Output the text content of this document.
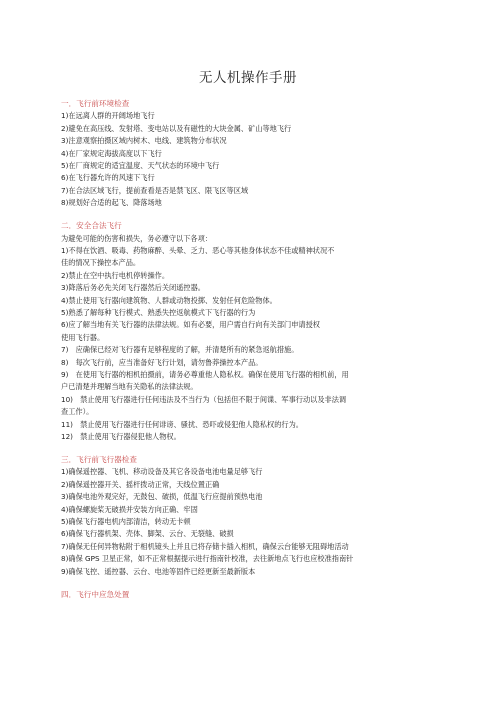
无人机操作手册
一．飞行前环境检查
1)在远离人群的开阔场地飞行
2)避免在高压线、发射塔、变电站以及有磁性的大块金属、矿山等地飞行
3)注意观察拍摄区域内树木、电线、建筑物分布状况
4)在厂家规定海拔高度以下飞行
5)在厂商规定的适宜温度、天气状态的环境中飞行
6)在飞行器允许的风速下飞行
7)在合法区域飞行，提前查看是否是禁飞区、限飞区等区域
8)规划好合适的起飞、降落场地
二．安全合法飞行
为避免可能的伤害和损失，务必遵守以下各项：
1)不得在饮酒、吸毒、药物麻醉、头晕、乏力、恶心等其他身体状态不佳或精神状况不
佳的情况下操控本产品。
2)禁止在空中执行电机停转操作。
3)降落后务必先关闭飞行器然后关闭遥控器。
4)禁止使用飞行器向建筑物、人群或动物投掷、发射任何危险物体。
5)熟悉了解每种飞行模式、熟悉失控返航模式下飞行器的行为
6)应了解当地有关飞行器的法律法规。如有必要，用户需自行向有关部门申请授权
使用飞行器。
7)　应确保已经对飞行器有足够程度的了解，并清楚所有的紧急返航措施。
8)　每次飞行前，应当准备好飞行计划，请勿鲁莽操控本产品。
9)　在使用飞行器的相机拍摄前，请务必尊重他人隐私权。确保在使用飞行器的相机前，用
户已清楚并理解当地有关隐私的法律法规。
10)　禁止使用飞行器进行任何违法及不当行为（包括但不限于间谍、军事行动以及非法调
查工作）。
11)　禁止使用飞行器进行任何诽谤、骚扰、恐吓或侵犯他人隐私权的行为。
12)　禁止使用飞行器侵犯他人物权。
三．飞行前飞行器检查
1)确保遥控器、飞机、移动设备及其它各设备电池电量足够飞行
2)确保遥控器开关、摇杆拨动正常，天线位置正确
3)确保电池外观完好，无鼓包、破损，低温飞行应提前预热电池
4)确保螺旋桨无破损并安装方向正确、牢固
5)确保飞行器电机内部清洁，转动无卡顿
6)确保飞行器机架、壳体、脚架、云台、无裂缝、破损
7)确保无任何异物粘附于相机镜头上并且已将存储卡插入相机，确保云台能够无阻碍地活动
8)确保 GPS 卫星正常，如不正常根据提示进行指南针校准，去往新地点飞行也应校准指南针
9)确保飞控、遥控器、云台、电池等固件已经更新至最新版本
四．飞行中应急处置
